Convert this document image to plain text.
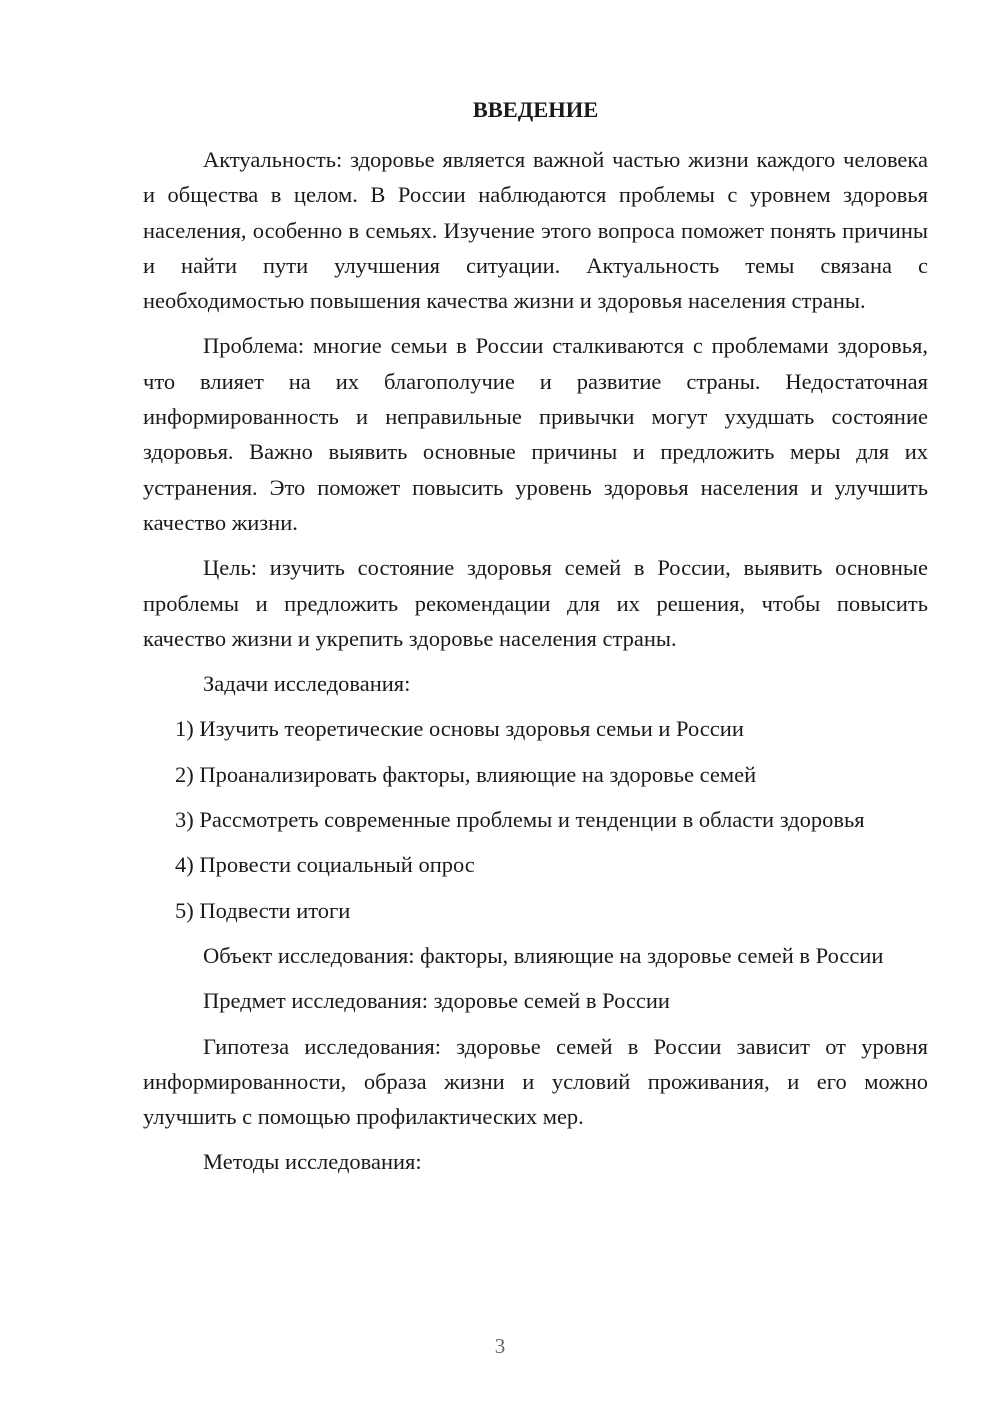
ВВЕДЕНИЕ

Актуальность: здоровье является важной частью жизни каждого человека и общества в целом. В России наблюдаются проблемы с уровнем здоровья населения, особенно в семьях. Изучение этого вопроса поможет понять причины и найти пути улучшения ситуации. Актуальность темы связана с необходимостью повышения качества жизни и здоровья населения страны.

Проблема: многие семьи в России сталкиваются с проблемами здоровья, что влияет на их благополучие и развитие страны. Недостаточная информированность и неправильные привычки могут ухудшать состояние здоровья. Важно выявить основные причины и предложить меры для их устранения. Это поможет повысить уровень здоровья населения и улучшить качество жизни.

Цель: изучить состояние здоровья семей в России, выявить основные проблемы и предложить рекомендации для их решения, чтобы повысить качество жизни и укрепить здоровье населения страны.

Задачи исследования:

1) Изучить теоретические основы здоровья семьи и России

2) Проанализировать факторы, влияющие на здоровье семей

3) Рассмотреть современные проблемы и тенденции в области здоровья

4) Провести социальный опрос

5) Подвести итоги

Объект исследования: факторы, влияющие на здоровье семей в России

Предмет исследования: здоровье семей в России

Гипотеза исследования: здоровье семей в России зависит от уровня информированности, образа жизни и условий проживания, и его можно улучшить с помощью профилактических мер.

Методы исследования:

3
